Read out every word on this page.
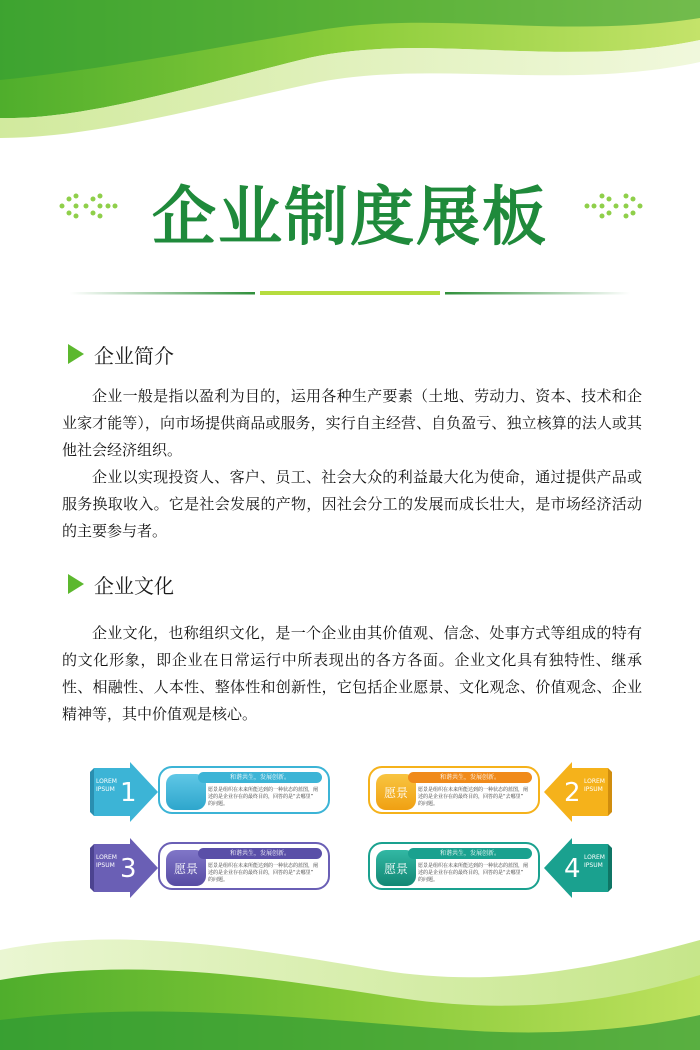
企业制度展板
企业简介

企业一般是指以盈利为目的，运用各种生产要素（土地、劳动力、资本、技术和企业家才能等），向市场提供商品或服务，实行自主经营、自负盈亏、独立核算的法人或其他社会经济组织。

企业以实现投资人、客户、员工、社会大众的利益最大化为使命，通过提供产品或服务换取收入。它是社会发展的产物，因社会分工的发展而成长壮大，是市场经济活动的主要参与者。

企业文化

企业文化，也称组织文化，是一个企业由其价值观、信念、处事方式等组成的特有的文化形象，即企业在日常运行中所表现出的各方各面。企业文化具有独特性、继承性、相融性、人本性、整体性和创新性，它包括企业愿景、文化观念、价值观念、企业精神等，其中价值观是核心。

LOREM
IPSUM 1
和谐共生，发展创新。
愿景是组织在未来所能达到的一种状态的蓝图，阐
述的是企业存在的最终目的，回答的是“去哪里”
的问题。
愿景
和谐共生，发展创新。
愿景是组织在未来所能达到的一种状态的蓝图，阐
述的是企业存在的最终目的，回答的是“去哪里”
的问题。	2 LOREM
IPSUM
LOREM
IPSUM 3	愿景
和谐共生，发展创新。
愿景是组织在未来所能达到的一种状态的蓝图，阐
述的是企业存在的最终目的，回答的是“去哪里”
的问题。
愿景
和谐共生，发展创新。
愿景是组织在未来所能达到的一种状态的蓝图，阐
述的是企业存在的最终目的，回答的是“去哪里”
的问题。	4 LOREM
IPSUM
